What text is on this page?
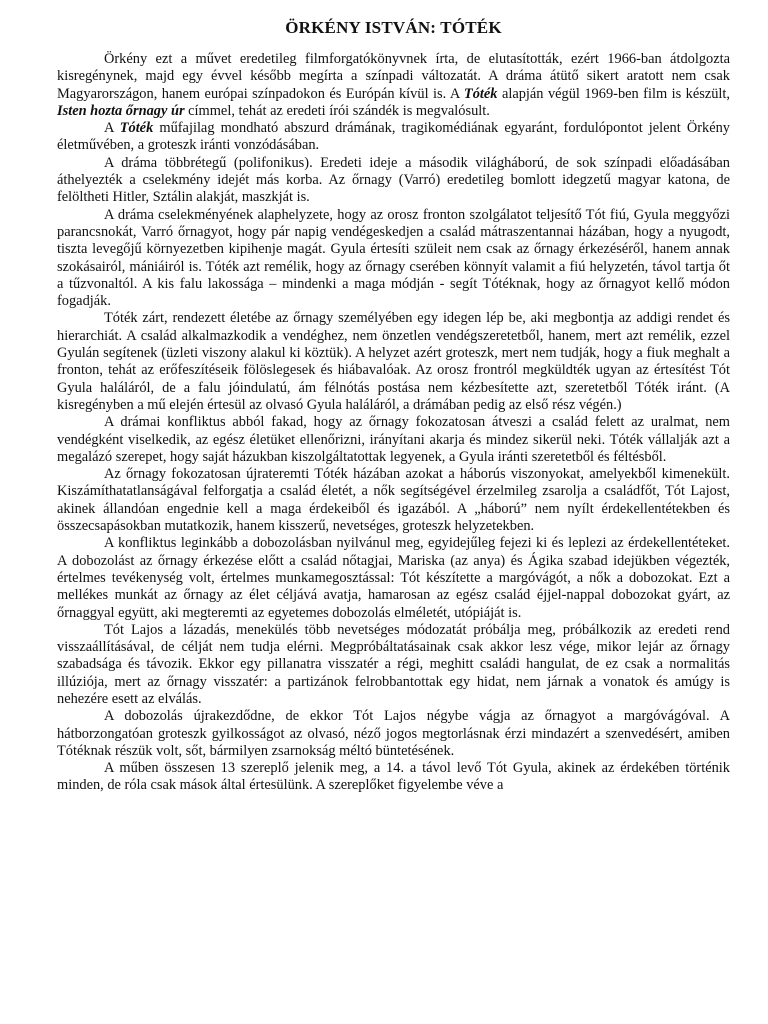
ÖRKÉNY ISTVÁN: TÓTÉK

Örkény ezt a művet eredetileg filmforgatókönyvnek írta, de elutasították, ezért 1966-ban átdolgozta kisregénynek, majd egy évvel később megírta a színpadi változatát. A dráma átütő sikert aratott nem csak Magyarországon, hanem európai színpadokon és Európán kívül is. A Tóték alapján végül 1969-ben film is készült, Isten hozta őrnagy úr címmel, tehát az eredeti írói szándék is megvalósult.

A Tóték műfajilag mondható abszurd drámának, tragikomédiának egyaránt, fordulópontot jelent Örkény életművében, a groteszk iránti vonzódásában.

A dráma többrétegű (polifonikus). Eredeti ideje a második világháború, de sok színpadi előadásában áthelyezték a cselekmény idejét más korba. Az őrnagy (Varró) eredetileg bomlott idegzetű magyar katona, de felöltheti Hitler, Sztálin alakját, maszkját is.

A dráma cselekményének alaphelyzete, hogy az orosz fronton szolgálatot teljesítő Tót fiú, Gyula meggyőzi parancsnokát, Varró őrnagyot, hogy pár napig vendégeskedjen a család mátraszentannai házában, hogy a nyugodt, tiszta levegőjű környezetben kipihenje magát. Gyula értesíti szüleit nem csak az őrnagy érkezéséről, hanem annak szokásairól, mániáiról is. Tóték azt remélik, hogy az őrnagy cserében könnyít valamit a fiú helyzetén, távol tartja őt a tűzvonaltól. A kis falu lakossága – mindenki a maga módján - segít Tótéknak, hogy az őrnagyot kellő módon fogadják.

Tóték zárt, rendezett életébe az őrnagy személyében egy idegen lép be, aki megbontja az addigi rendet és hierarchiát. A család alkalmazkodik a vendéghez, nem önzetlen vendégszeretetből, hanem, mert azt remélik, ezzel Gyulán segítenek (üzleti viszony alakul ki köztük). A helyzet azért groteszk, mert nem tudják, hogy a fiuk meghalt a fronton, tehát az erőfeszítéseik fölöslegesek és hiábavalóak. Az orosz frontról megküldték ugyan az értesítést Tót Gyula haláláról, de a falu jóindulatú, ám félnótás postása nem kézbesítette azt, szeretetből Tóték iránt. (A kisregényben a mű elején értesül az olvasó Gyula haláláról, a drámában pedig az első rész végén.)

A drámai konfliktus abból fakad, hogy az őrnagy fokozatosan átveszi a család felett az uralmat, nem vendégként viselkedik, az egész életüket ellenőrizni, irányítani akarja és mindez sikerül neki. Tóték vállalják azt a megalázó szerepet, hogy saját házukban kiszolgáltatottak legyenek, a Gyula iránti szeretetből és féltésből.

Az őrnagy fokozatosan újrateremti Tóték házában azokat a háborús viszonyokat, amelyekből kimenekült. Kiszámíthatatlanságával felforgatja a család életét, a nők segítségével érzelmileg zsarolja a családfőt, Tót Lajost, akinek állandóan engednie kell a maga érdekeiből és igazából. A „háború” nem nyílt érdekellentétekben és összecsapásokban mutatkozik, hanem kisszerű, nevetséges, groteszk helyzetekben.

A konfliktus leginkább a dobozolásban nyilvánul meg, egyidejűleg fejezi ki és leplezi az érdekellentéteket. A dobozolást az őrnagy érkezése előtt a család nőtagjai, Mariska (az anya) és Ágika szabad idejükben végezték, értelmes tevékenység volt, értelmes munkamegosztással: Tót készítette a margóvágót, a nők a dobozokat. Ezt a mellékes munkát az őrnagy az élet céljává avatja, hamarosan az egész család éjjel-nappal dobozokat gyárt, az őrnaggyal együtt, aki megteremti az egyetemes dobozolás elméletét, utópiáját is.

Tót Lajos a lázadás, menekülés több nevetséges módozatát próbálja meg, próbálkozik az eredeti rend visszaállításával, de célját nem tudja elérni. Megpróbáltatásainak csak akkor lesz vége, mikor lejár az őrnagy szabadsága és távozik. Ekkor egy pillanatra visszatér a régi, meghitt családi hangulat, de ez csak a normalitás illúziója, mert az őrnagy visszatér: a partizánok felrobbantottak egy hidat, nem járnak a vonatok és amúgy is nehezére esett az elválás.

A dobozolás újrakezdődne, de ekkor Tót Lajos négybe vágja az őrnagyot a margóvágóval. A hátborzongatóan groteszk gyilkosságot az olvasó, néző jogos megtorlásnak érzi mindazért a szenvedésért, amiben Tótéknak részük volt, sőt, bármilyen zsarnokság méltó büntetésének.

A műben összesen 13 szereplő jelenik meg, a 14. a távol levő Tót Gyula, akinek az érdekében történik minden, de róla csak mások által értesülünk. A szereplőket figyelembe véve a
